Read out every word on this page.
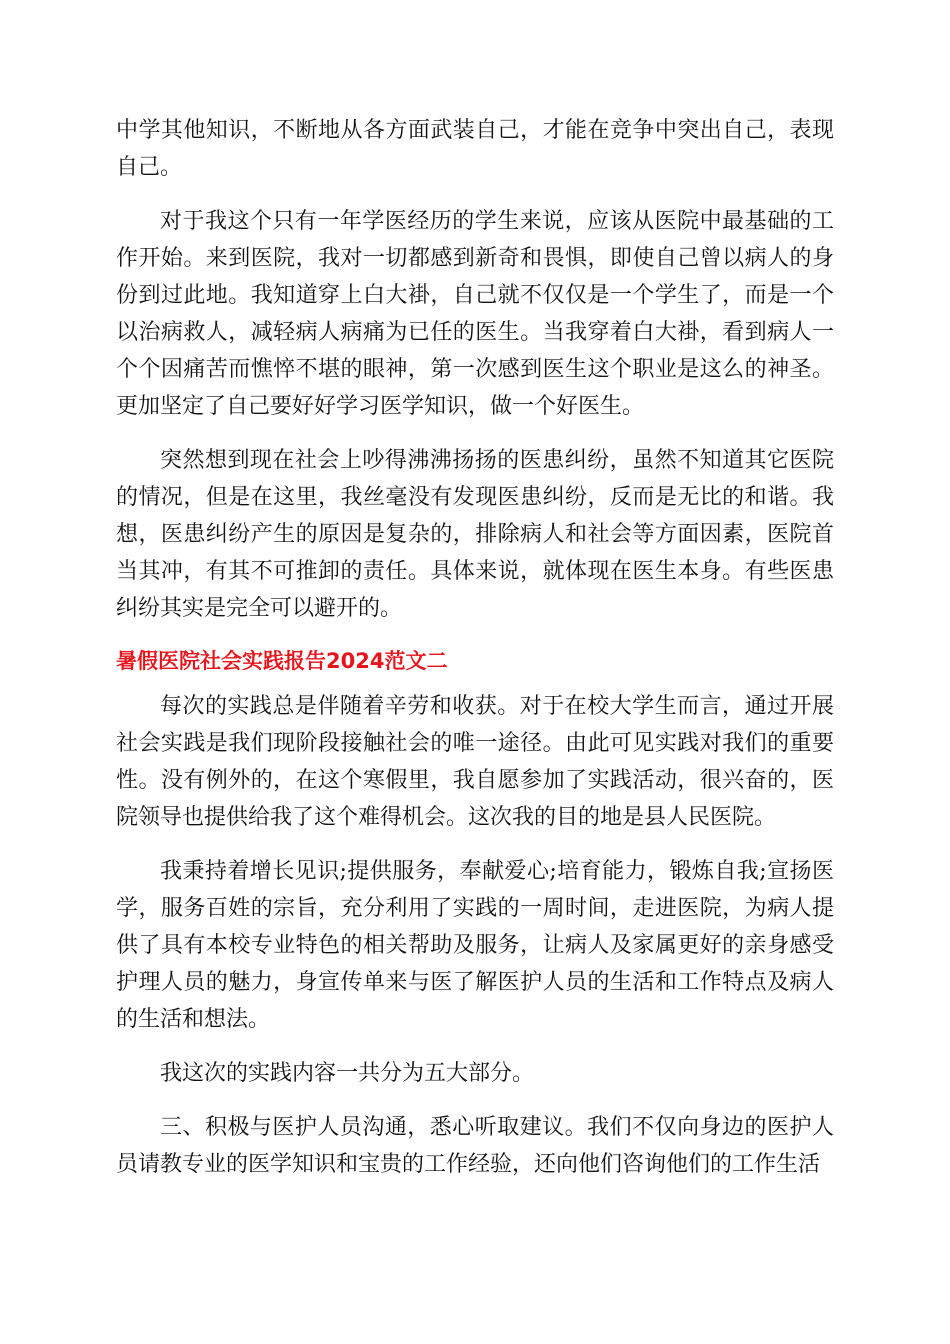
中学其他知识，不断地从各方面武装自己，才能在竞争中突出自己，表现自己。

对于我这个只有一年学医经历的学生来说，应该从医院中最基础的工作开始。来到医院，我对一切都感到新奇和畏惧，即使自己曾以病人的身份到过此地。我知道穿上白大褂，自己就不仅仅是一个学生了，而是一个以治病救人，减轻病人病痛为已任的医生。当我穿着白大褂，看到病人一个个因痛苦而憔悴不堪的眼神，第一次感到医生这个职业是这么的神圣。更加坚定了自己要好好学习医学知识，做一个好医生。

突然想到现在社会上吵得沸沸扬扬的医患纠纷，虽然不知道其它医院的情况，但是在这里，我丝毫没有发现医患纠纷，反而是无比的和谐。我想，医患纠纷产生的原因是复杂的，排除病人和社会等方面因素，医院首当其冲，有其不可推卸的责任。具体来说，就体现在医生本身。有些医患纠纷其实是完全可以避开的。

暑假医院社会实践报告2024范文二

每次的实践总是伴随着辛劳和收获。对于在校大学生而言，通过开展社会实践是我们现阶段接触社会的唯一途径。由此可见实践对我们的重要性。没有例外的，在这个寒假里，我自愿参加了实践活动，很兴奋的，医院领导也提供给我了这个难得机会。这次我的目的地是县人民医院。

我秉持着增长见识;提供服务，奉献爱心;培育能力，锻炼自我;宣扬医学，服务百姓的宗旨，充分利用了实践的一周时间，走进医院，为病人提供了具有本校专业特色的相关帮助及服务，让病人及家属更好的亲身感受护理人员的魅力，身宣传单来与医了解医护人员的生活和工作特点及病人的生活和想法。

我这次的实践内容一共分为五大部分。

三、积极与医护人员沟通，悉心听取建议。我们不仅向身边的医护人员请教专业的医学知识和宝贵的工作经验，还向他们咨询他们的工作生活
